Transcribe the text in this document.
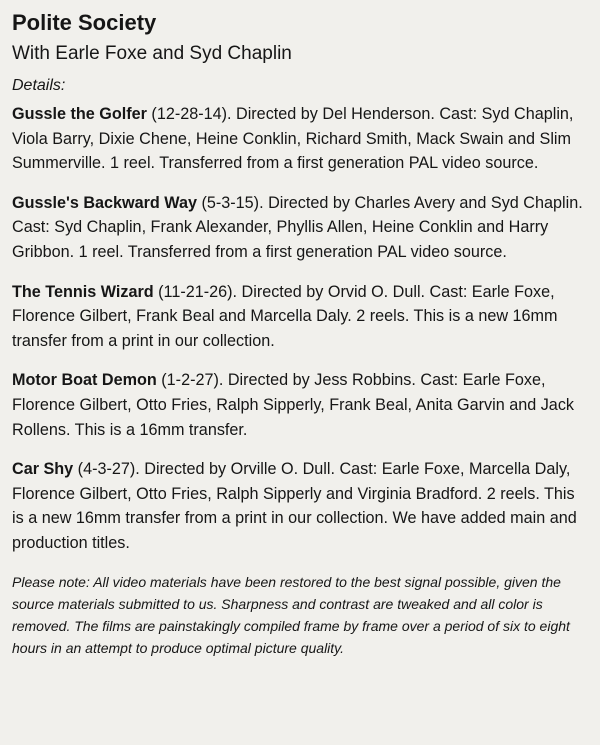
Polite Society

With Earle Foxe and Syd Chaplin

Details:

Gussle the Golfer (12-28-14). Directed by Del Henderson. Cast: Syd Chaplin, Viola Barry, Dixie Chene, Heine Conklin, Richard Smith, Mack Swain and Slim Summerville. 1 reel. Transferred from a first generation PAL video source.

Gussle's Backward Way (5-3-15). Directed by Charles Avery and Syd Chaplin. Cast: Syd Chaplin, Frank Alexander, Phyllis Allen, Heine Conklin and Harry Gribbon. 1 reel. Transferred from a first generation PAL video source.

The Tennis Wizard (11-21-26). Directed by Orvid O. Dull. Cast: Earle Foxe, Florence Gilbert, Frank Beal and Marcella Daly. 2 reels. This is a new 16mm transfer from a print in our collection.

Motor Boat Demon (1-2-27). Directed by Jess Robbins. Cast: Earle Foxe, Florence Gilbert, Otto Fries, Ralph Sipperly, Frank Beal, Anita Garvin and Jack Rollens. This is a 16mm transfer.

Car Shy (4-3-27). Directed by Orville O. Dull. Cast: Earle Foxe, Marcella Daly, Florence Gilbert, Otto Fries, Ralph Sipperly and Virginia Bradford. 2 reels. This is a new 16mm transfer from a print in our collection. We have added main and production titles.

Please note: All video materials have been restored to the best signal possible, given the source materials submitted to us. Sharpness and contrast are tweaked and all color is removed. The films are painstakingly compiled frame by frame over a period of six to eight hours in an attempt to produce optimal picture quality.
